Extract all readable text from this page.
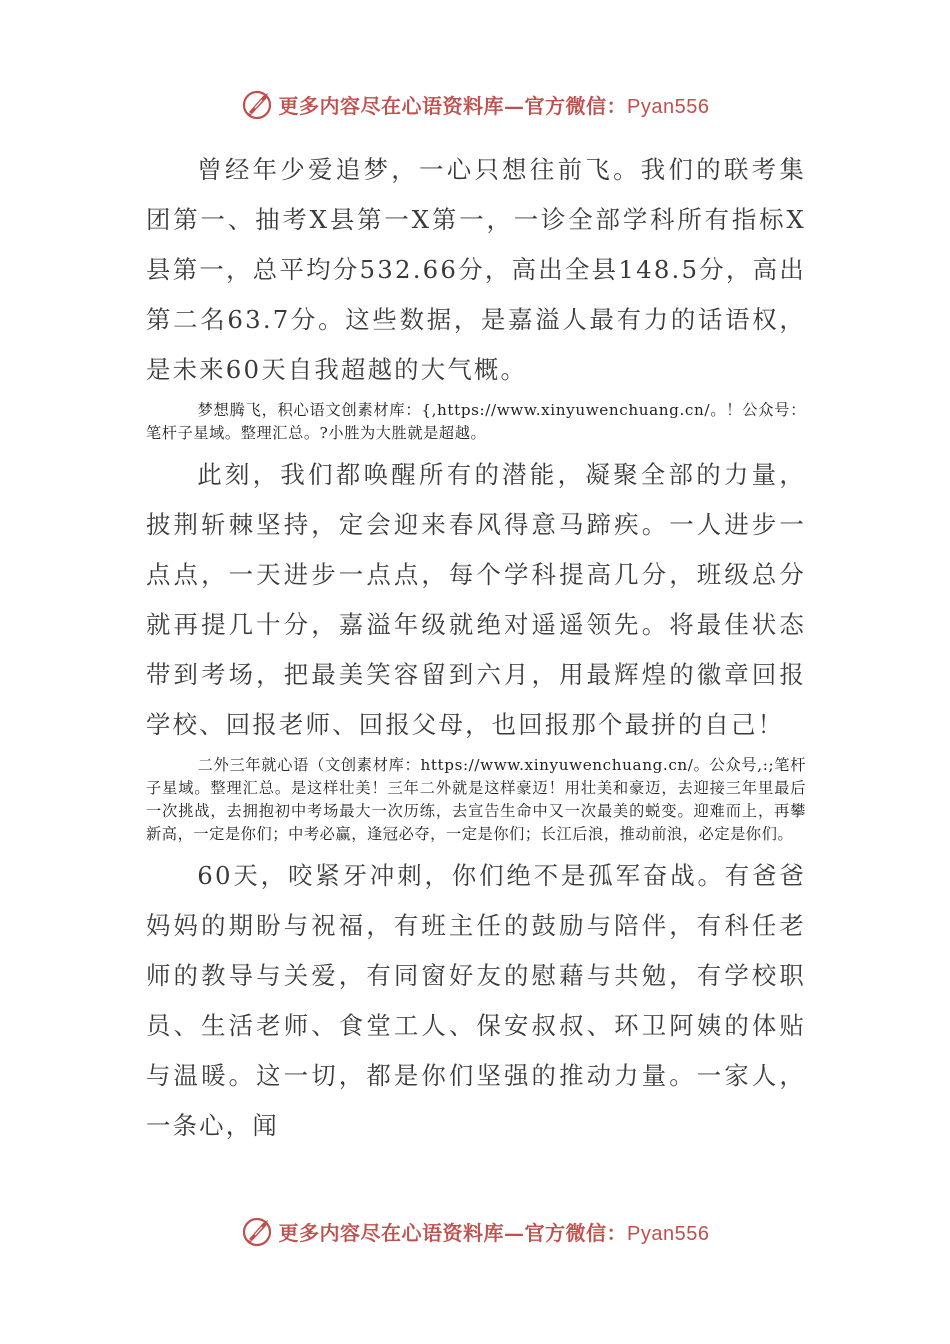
更多内容尽在心语资料库—官方微信：Pyan556

曾经年少爱追梦，一心只想往前飞。我们的联考集团第一、抽考X县第一X第一，一诊全部学科所有指标X县第一，总平均分532.66分，高出全县148.5分，高出第二名63.7分。这些数据，是嘉溢人最有力的话语权，是未来60天自我超越的大气概。

梦想腾飞，积心语文创素材库：{,https://www.xinyuwenchuang.cn/。！公众号：笔杆子星域。整理汇总。?小胜为大胜就是超越。

此刻，我们都唤醒所有的潜能，凝聚全部的力量，披荆斩棘坚持，定会迎来春风得意马蹄疾。一人进步一点点，一天进步一点点，每个学科提高几分，班级总分就再提几十分，嘉溢年级就绝对遥遥领先。将最佳状态带到考场，把最美笑容留到六月，用最辉煌的徽章回报学校、回报老师、回报父母，也回报那个最拼的自己！

二外三年就心语（文创素材库：https://www.xinyuwenchuang.cn/。公众号,:;笔杆子星域。整理汇总。是这样壮美！三年二外就是这样豪迈！用壮美和豪迈，去迎接三年里最后一次挑战，去拥抱初中考场最大一次历练，去宣告生命中又一次最美的蜕变。迎难而上，再攀新高，一定是你们；中考必赢，逢冠必夺，一定是你们；长江后浪，推动前浪，必定是你们。

60天，咬紧牙冲刺，你们绝不是孤军奋战。有爸爸妈妈的期盼与祝福，有班主任的鼓励与陪伴，有科任老师的教导与关爱，有同窗好友的慰藉与共勉，有学校职员、生活老师、食堂工人、保安叔叔、环卫阿姨的体贴与温暖。这一切，都是你们坚强的推动力量。一家人，一条心，闻

更多内容尽在心语资料库—官方微信：Pyan556
